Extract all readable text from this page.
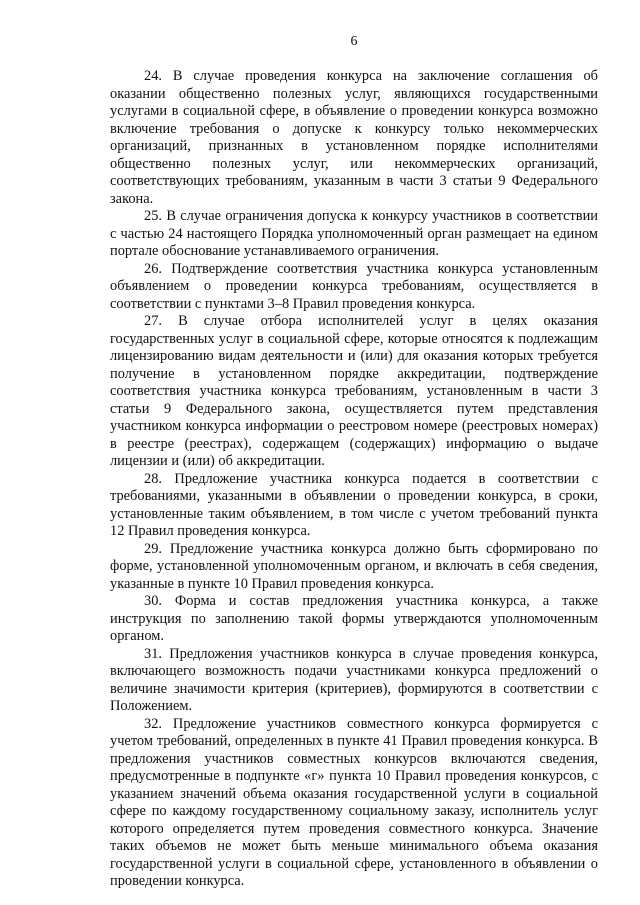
6

24. В случае проведения конкурса на заключение соглашения об оказании общественно полезных услуг, являющихся государственными услугами в социальной сфере, в объявление о проведении конкурса возможно включение требования о допуске к конкурсу только некоммерческих организаций, признанных в установленном порядке исполнителями общественно полезных услуг, или некоммерческих организаций, соответствующих требованиям, указанным в части 3 статьи 9 Федерального закона.

25. В случае ограничения допуска к конкурсу участников в соответствии с частью 24 настоящего Порядка уполномоченный орган размещает на едином портале обоснование устанавливаемого ограничения.

26. Подтверждение соответствия участника конкурса установленным объявлением о проведении конкурса требованиям, осуществляется в соответствии с пунктами 3–8 Правил проведения конкурса.

27. В случае отбора исполнителей услуг в целях оказания государственных услуг в социальной сфере, которые относятся к подлежащим лицензированию видам деятельности и (или) для оказания которых требуется получение в установленном порядке аккредитации, подтверждение соответствия участника конкурса требованиям, установленным в части 3 статьи 9 Федерального закона, осуществляется путем представления участником конкурса информации о реестровом номере (реестровых номерах) в реестре (реестрах), содержащем (содержащих) информацию о выдаче лицензии и (или) об аккредитации.

28. Предложение участника конкурса подается в соответствии с требованиями, указанными в объявлении о проведении конкурса, в сроки, установленные таким объявлением, в том числе с учетом требований пункта 12 Правил проведения конкурса.

29. Предложение участника конкурса должно быть сформировано по форме, установленной уполномоченным органом, и включать в себя сведения, указанные в пункте 10 Правил проведения конкурса.

30. Форма и состав предложения участника конкурса, а также инструкция по заполнению такой формы утверждаются уполномоченным органом.

31. Предложения участников конкурса в случае проведения конкурса, включающего возможность подачи участниками конкурса предложений о величине значимости критерия (критериев), формируются в соответствии с Положением.

32. Предложение участников совместного конкурса формируется с учетом требований, определенных в пункте 41 Правил проведения конкурса. В предложения участников совместных конкурсов включаются сведения, предусмотренные в подпункте «г» пункта 10 Правил проведения конкурсов, с указанием значений объема оказания государственной услуги в социальной сфере по каждому государственному социальному заказу, исполнитель услуг которого определяется путем проведения совместного конкурса. Значение таких объемов не может быть меньше минимального объема оказания государственной услуги в социальной сфере, установленного в объявлении о проведении конкурса.
